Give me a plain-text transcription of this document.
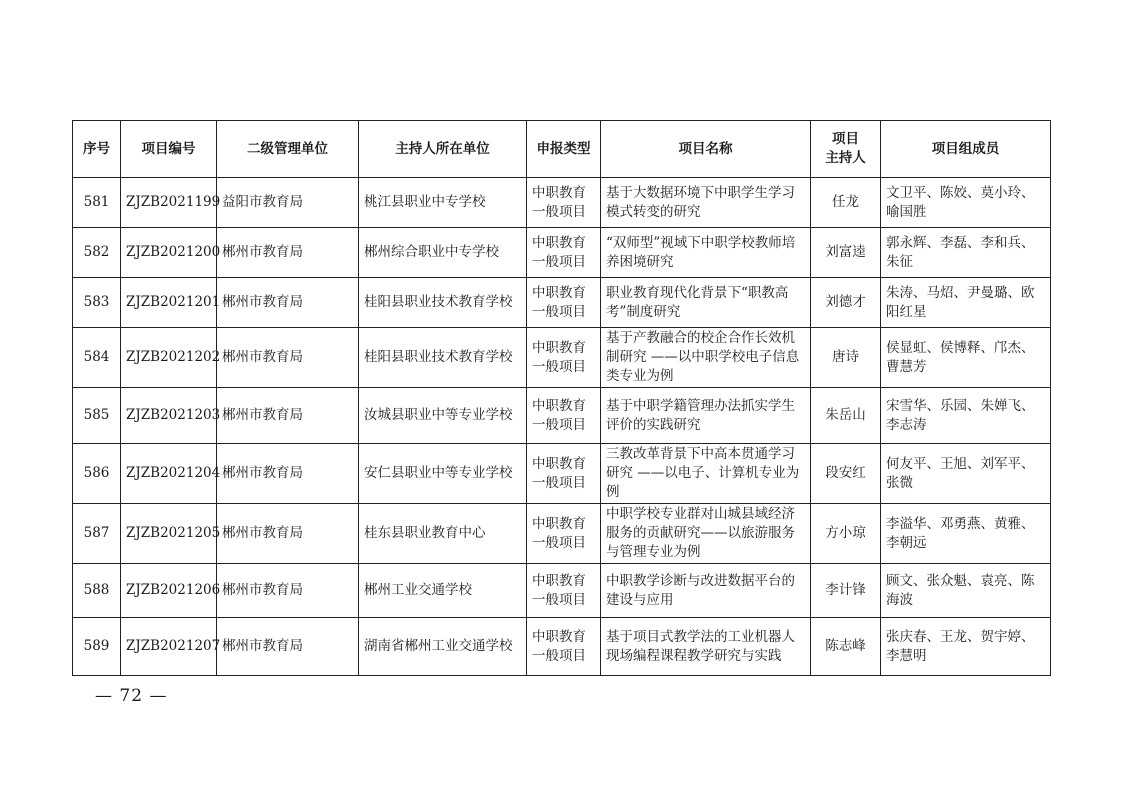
序号	项目编号	二级管理单位	主持人所在单位	申报类型	项目名称	项目
主持人	项目组成员
581	ZJZB2021199	益阳市教育局	桃江县职业中专学校	中职教育一般项目	基于大数据环境下中职学生学习模式转变的研究	任龙	文卫平、陈姣、莫小玲、喻国胜
582	ZJZB2021200	郴州市教育局	郴州综合职业中专学校	中职教育一般项目	“双师型”视域下中职学校教师培养困境研究	刘富逵	郭永辉、李磊、李和兵、朱征
583	ZJZB2021201	郴州市教育局	桂阳县职业技术教育学校	中职教育一般项目	职业教育现代化背景下“职教高考”制度研究	刘德才	朱涛、马炤、尹曼璐、欧阳红星
584	ZJZB2021202	郴州市教育局	桂阳县职业技术教育学校	中职教育一般项目	基于产教融合的校企合作长效机制研究 ——以中职学校电子信息类专业为例	唐诗	侯显虹、侯博释、邝杰、曹慧芳
585	ZJZB2021203	郴州市教育局	汝城县职业中等专业学校	中职教育一般项目	基于中职学籍管理办法抓实学生评价的实践研究	朱岳山	宋雪华、乐园、朱婵飞、李志涛
586	ZJZB2021204	郴州市教育局	安仁县职业中等专业学校	中职教育一般项目	三教改革背景下中高本贯通学习研究 ——以电子、计算机专业为例	段安红	何友平、王旭、刘军平、张微
587	ZJZB2021205	郴州市教育局	桂东县职业教育中心	中职教育一般项目	中职学校专业群对山城县域经济服务的贡献研究——以旅游服务与管理专业为例	方小琼	李溢华、邓勇燕、黄雅、李朝远
588	ZJZB2021206	郴州市教育局	郴州工业交通学校	中职教育一般项目	中职教学诊断与改进数据平台的建设与应用	李计锋	顾文、张众魁、袁亮、陈海波
589	ZJZB2021207	郴州市教育局	湖南省郴州工业交通学校	中职教育一般项目	基于项目式教学法的工业机器人现场编程课程教学研究与实践	陈志峰	张庆春、王龙、贺宇婷、李慧明
— 72 —
